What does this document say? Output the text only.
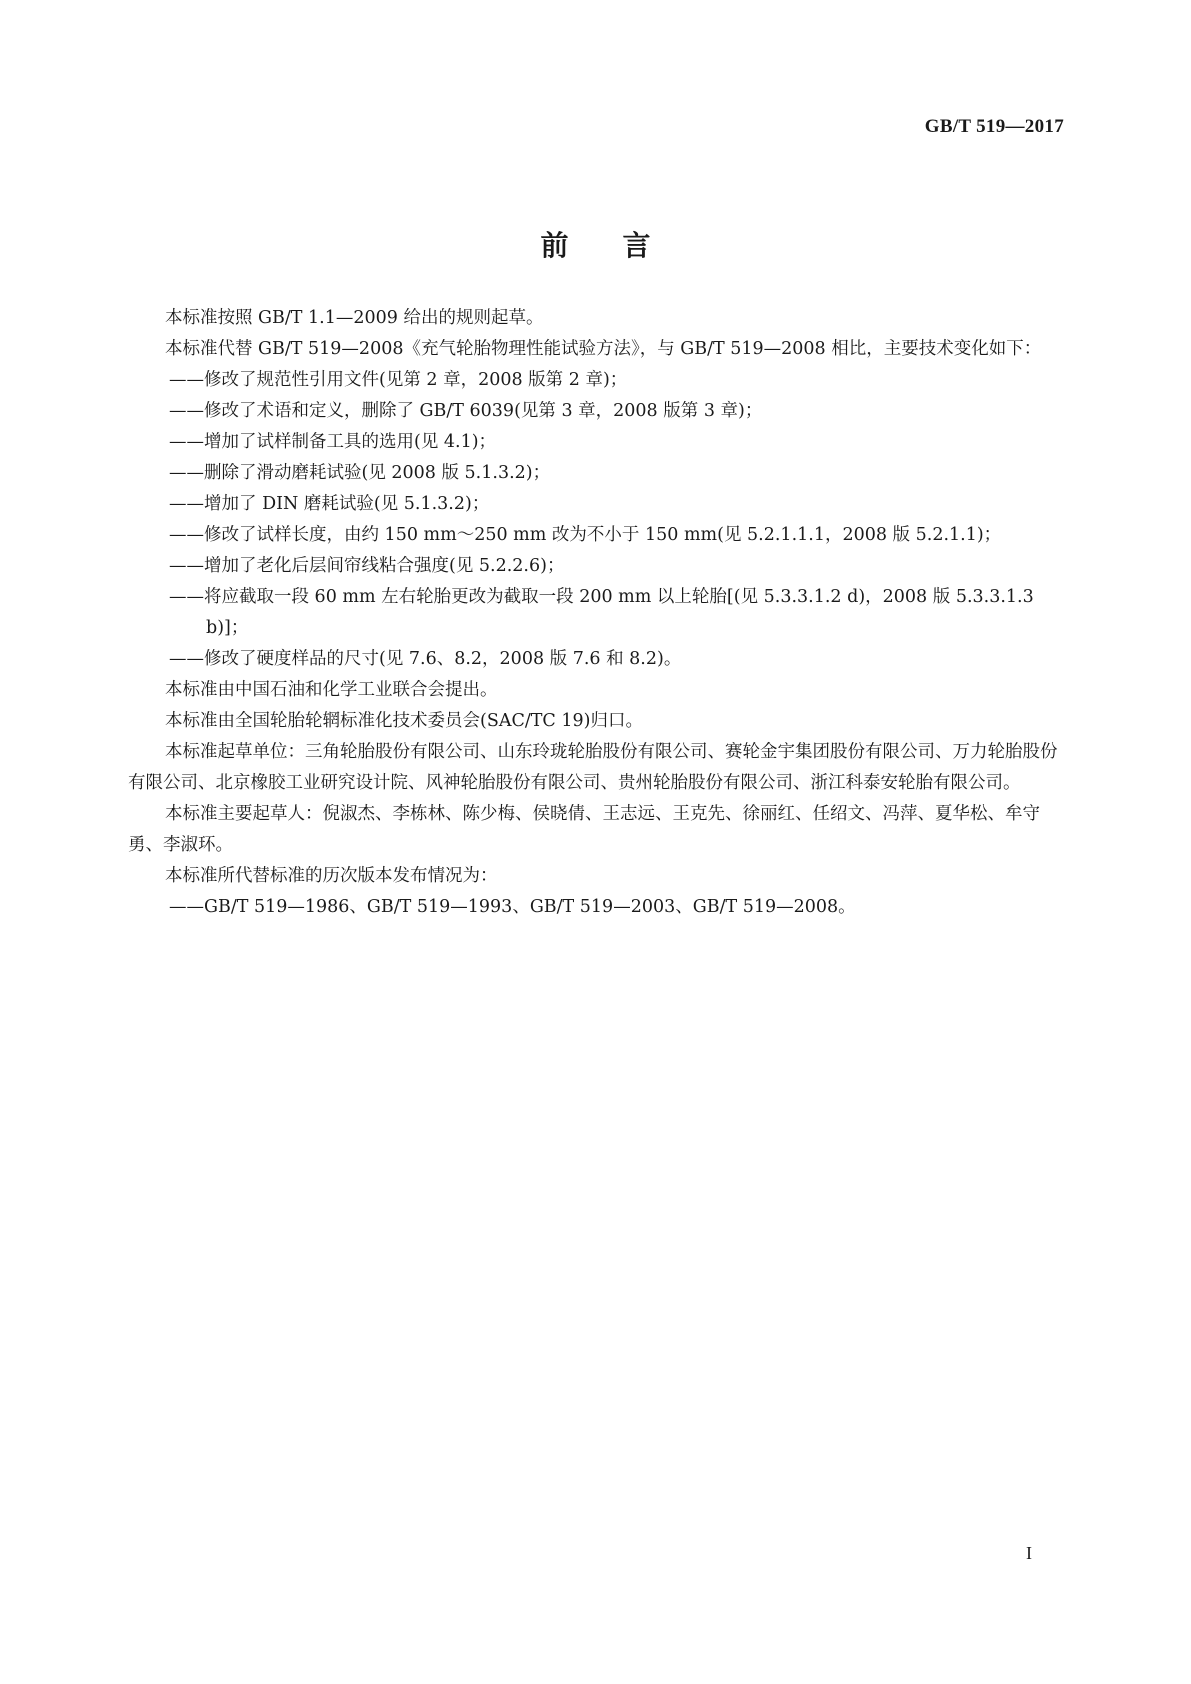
GB/T 519—2017
前言

本标准按照 GB/T 1.1—2009 给出的规则起草。

本标准代替 GB/T 519—2008《充气轮胎物理性能试验方法》，与 GB/T 519—2008 相比，主要技术变化如下：

——修改了规范性引用文件(见第 2 章，2008 版第 2 章)；

——修改了术语和定义，删除了 GB/T 6039(见第 3 章，2008 版第 3 章)；

——增加了试样制备工具的选用(见 4.1)；

——删除了滑动磨耗试验(见 2008 版 5.1.3.2)；

——增加了 DIN 磨耗试验(见 5.1.3.2)；

——修改了试样长度，由约 150 mm～250 mm 改为不小于 150 mm(见 5.2.1.1.1，2008 版 5.2.1.1)；

——增加了老化后层间帘线粘合强度(见 5.2.2.6)；

——将应截取一段 60 mm 左右轮胎更改为截取一段 200 mm 以上轮胎[(见 5.3.3.1.2 d)，2008 版 5.3.3.1.3 b)]；

——修改了硬度样品的尺寸(见 7.6、8.2，2008 版 7.6 和 8.2)。

本标准由中国石油和化学工业联合会提出。

本标准由全国轮胎轮辋标准化技术委员会(SAC/TC 19)归口。

本标准起草单位：三角轮胎股份有限公司、山东玲珑轮胎股份有限公司、赛轮金宇集团股份有限公司、万力轮胎股份有限公司、北京橡胶工业研究设计院、风神轮胎股份有限公司、贵州轮胎股份有限公司、浙江科泰安轮胎有限公司。

本标准主要起草人：倪淑杰、李栋林、陈少梅、侯晓倩、王志远、王克先、徐丽红、任绍文、冯萍、夏华松、牟守勇、李淑环。

本标准所代替标准的历次版本发布情况为：

——GB/T 519—1986、GB/T 519—1993、GB/T 519—2003、GB/T 519—2008。

I
